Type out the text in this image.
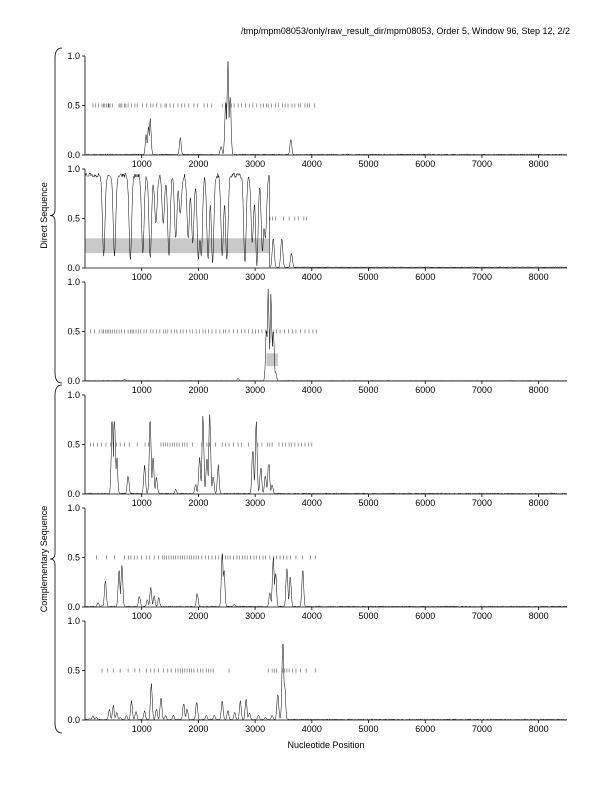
/tmp/mpm08053/only/raw_result_dir/mpm08053, Order 5, Window 96, Step 12, 2/2
Direct Sequence
Complementary Sequence
0.0
0.5
1.0
1000	2000	3000	4000	5000	6000	7000	8000
0.0
0.5
1.0
1000	2000	3000	4000	5000	6000	7000	8000
0.0
0.5
1.0
1000	2000	3000	4000	5000	6000	7000	8000
0.0
0.5
1.0
1000	2000	3000	4000	5000	6000	7000	8000
0.0
0.5
1.0
1000	2000	3000	4000	5000	6000	7000	8000
0.0
0.5
1.0
1000	2000	3000	4000	5000	6000	7000	8000
Nucleotide Position
